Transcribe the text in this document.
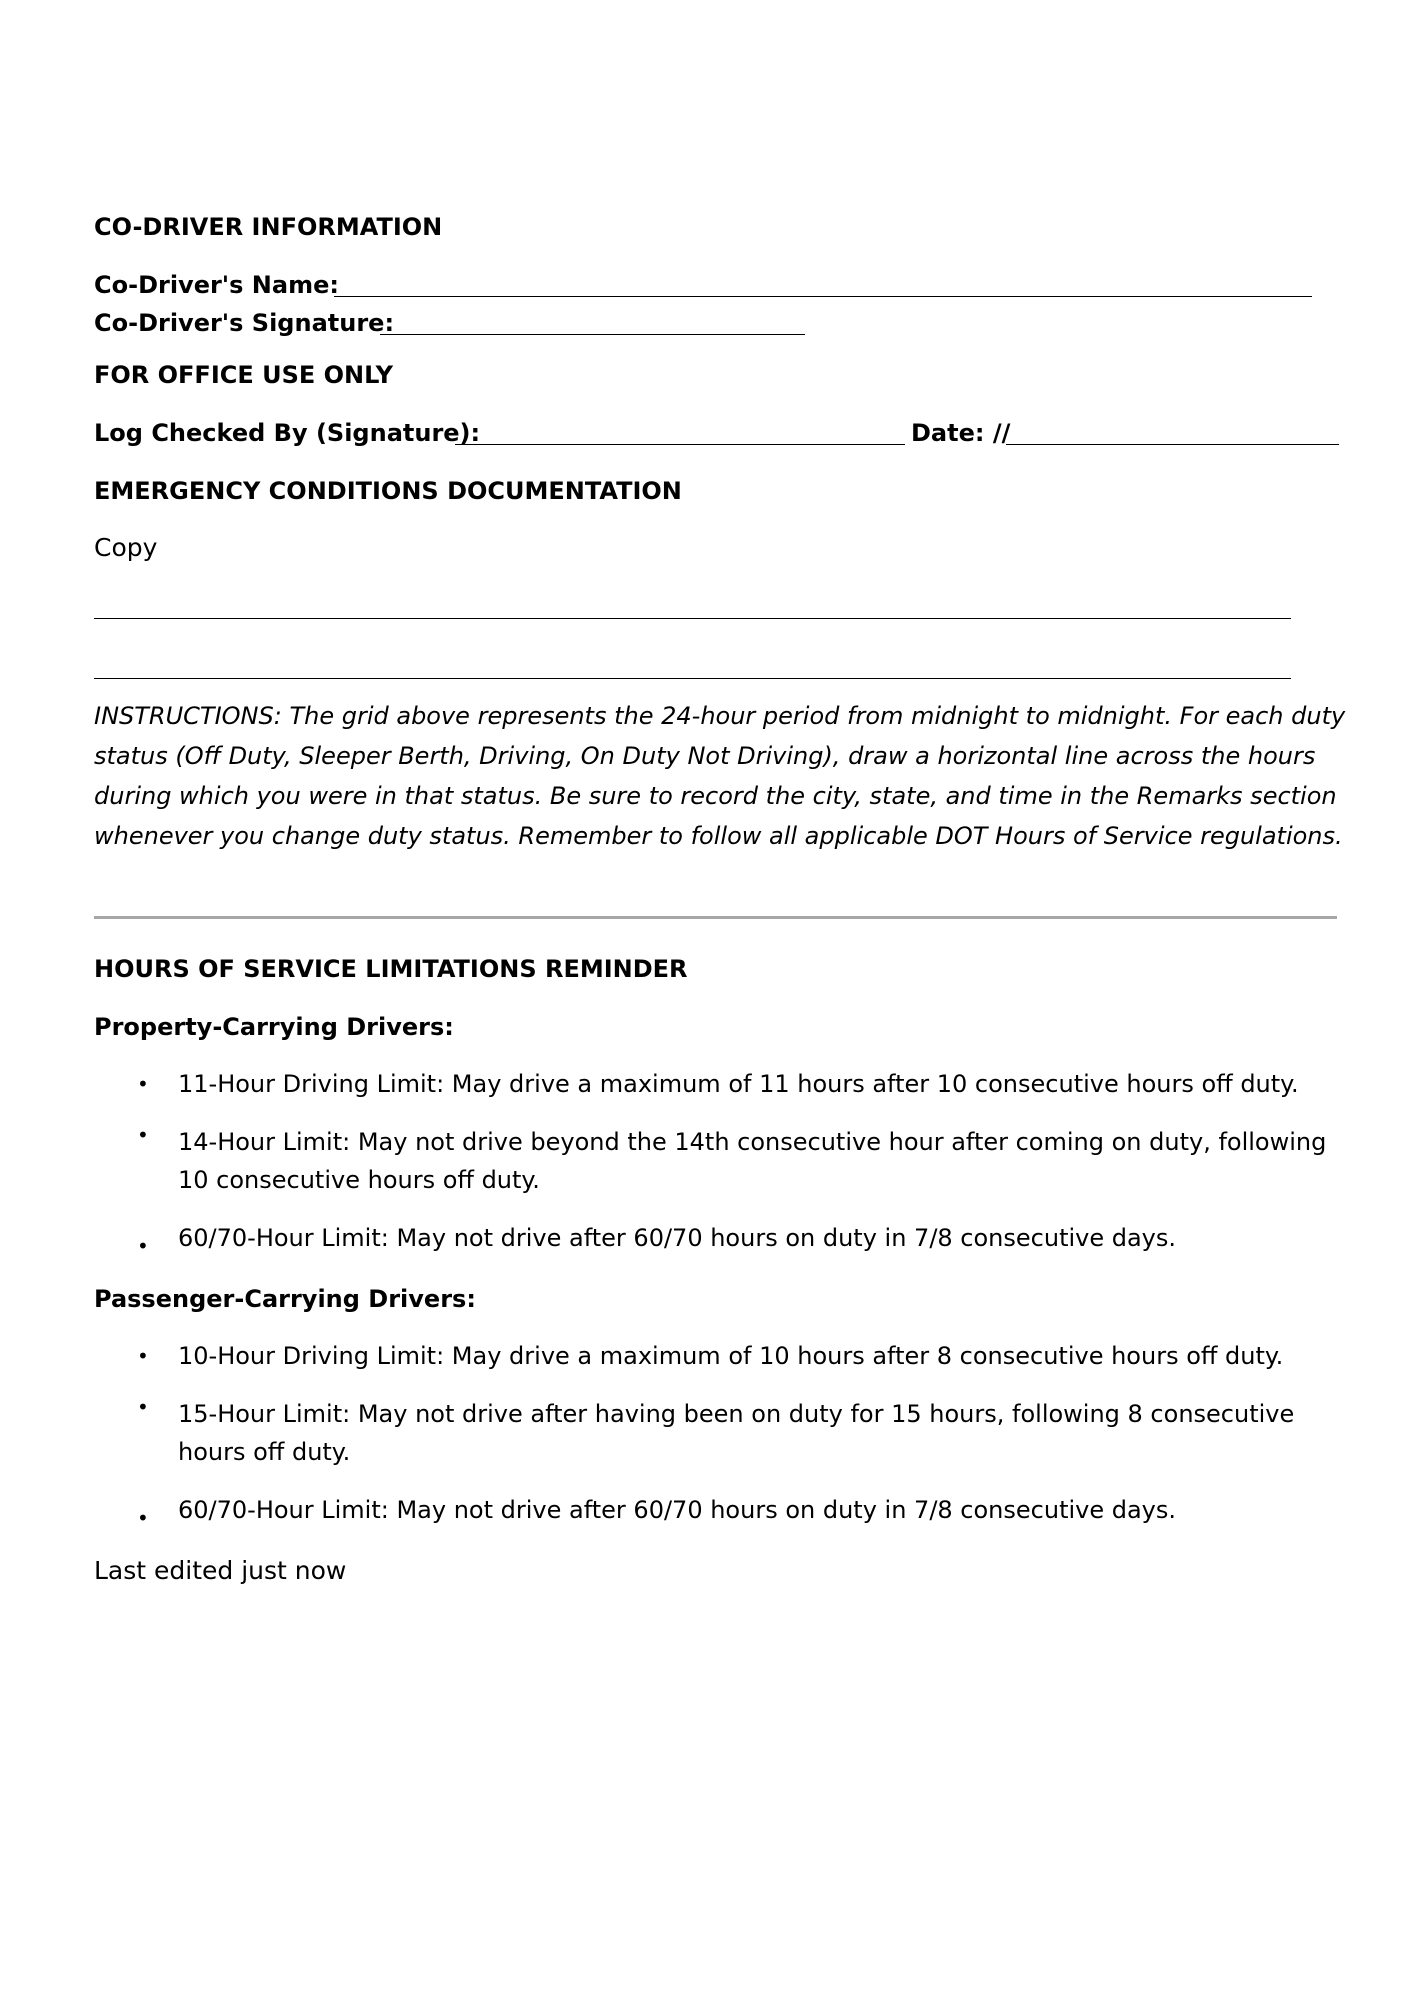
CO-DRIVER INFORMATION
Co-Driver's Name:
Co-Driver's Signature:
FOR OFFICE USE ONLY
Log Checked By (Signature):	Date: //
EMERGENCY CONDITIONS DOCUMENTATION
Copy
INSTRUCTIONS: The grid above represents the 24-hour period from midnight to midnight. For each duty status (Off Duty, Sleeper Berth, Driving, On Duty Not Driving), draw a horizontal line across the hours during which you were in that status. Be sure to record the city, state, and time in the Remarks section whenever you change duty status. Remember to follow all applicable DOT Hours of Service regulations.
HOURS OF SERVICE LIMITATIONS REMINDER
Property-Carrying Drivers:
• 11-Hour Driving Limit: May drive a maximum of 11 hours after 10 consecutive hours off duty.
• 14-Hour Limit: May not drive beyond the 14th consecutive hour after coming on duty, following 10 consecutive hours off duty.
• 60/70-Hour Limit: May not drive after 60/70 hours on duty in 7/8 consecutive days.
Passenger-Carrying Drivers:
• 10-Hour Driving Limit: May drive a maximum of 10 hours after 8 consecutive hours off duty.
• 15-Hour Limit: May not drive after having been on duty for 15 hours, following 8 consecutive hours off duty.
• 60/70-Hour Limit: May not drive after 60/70 hours on duty in 7/8 consecutive days.
Last edited just now
